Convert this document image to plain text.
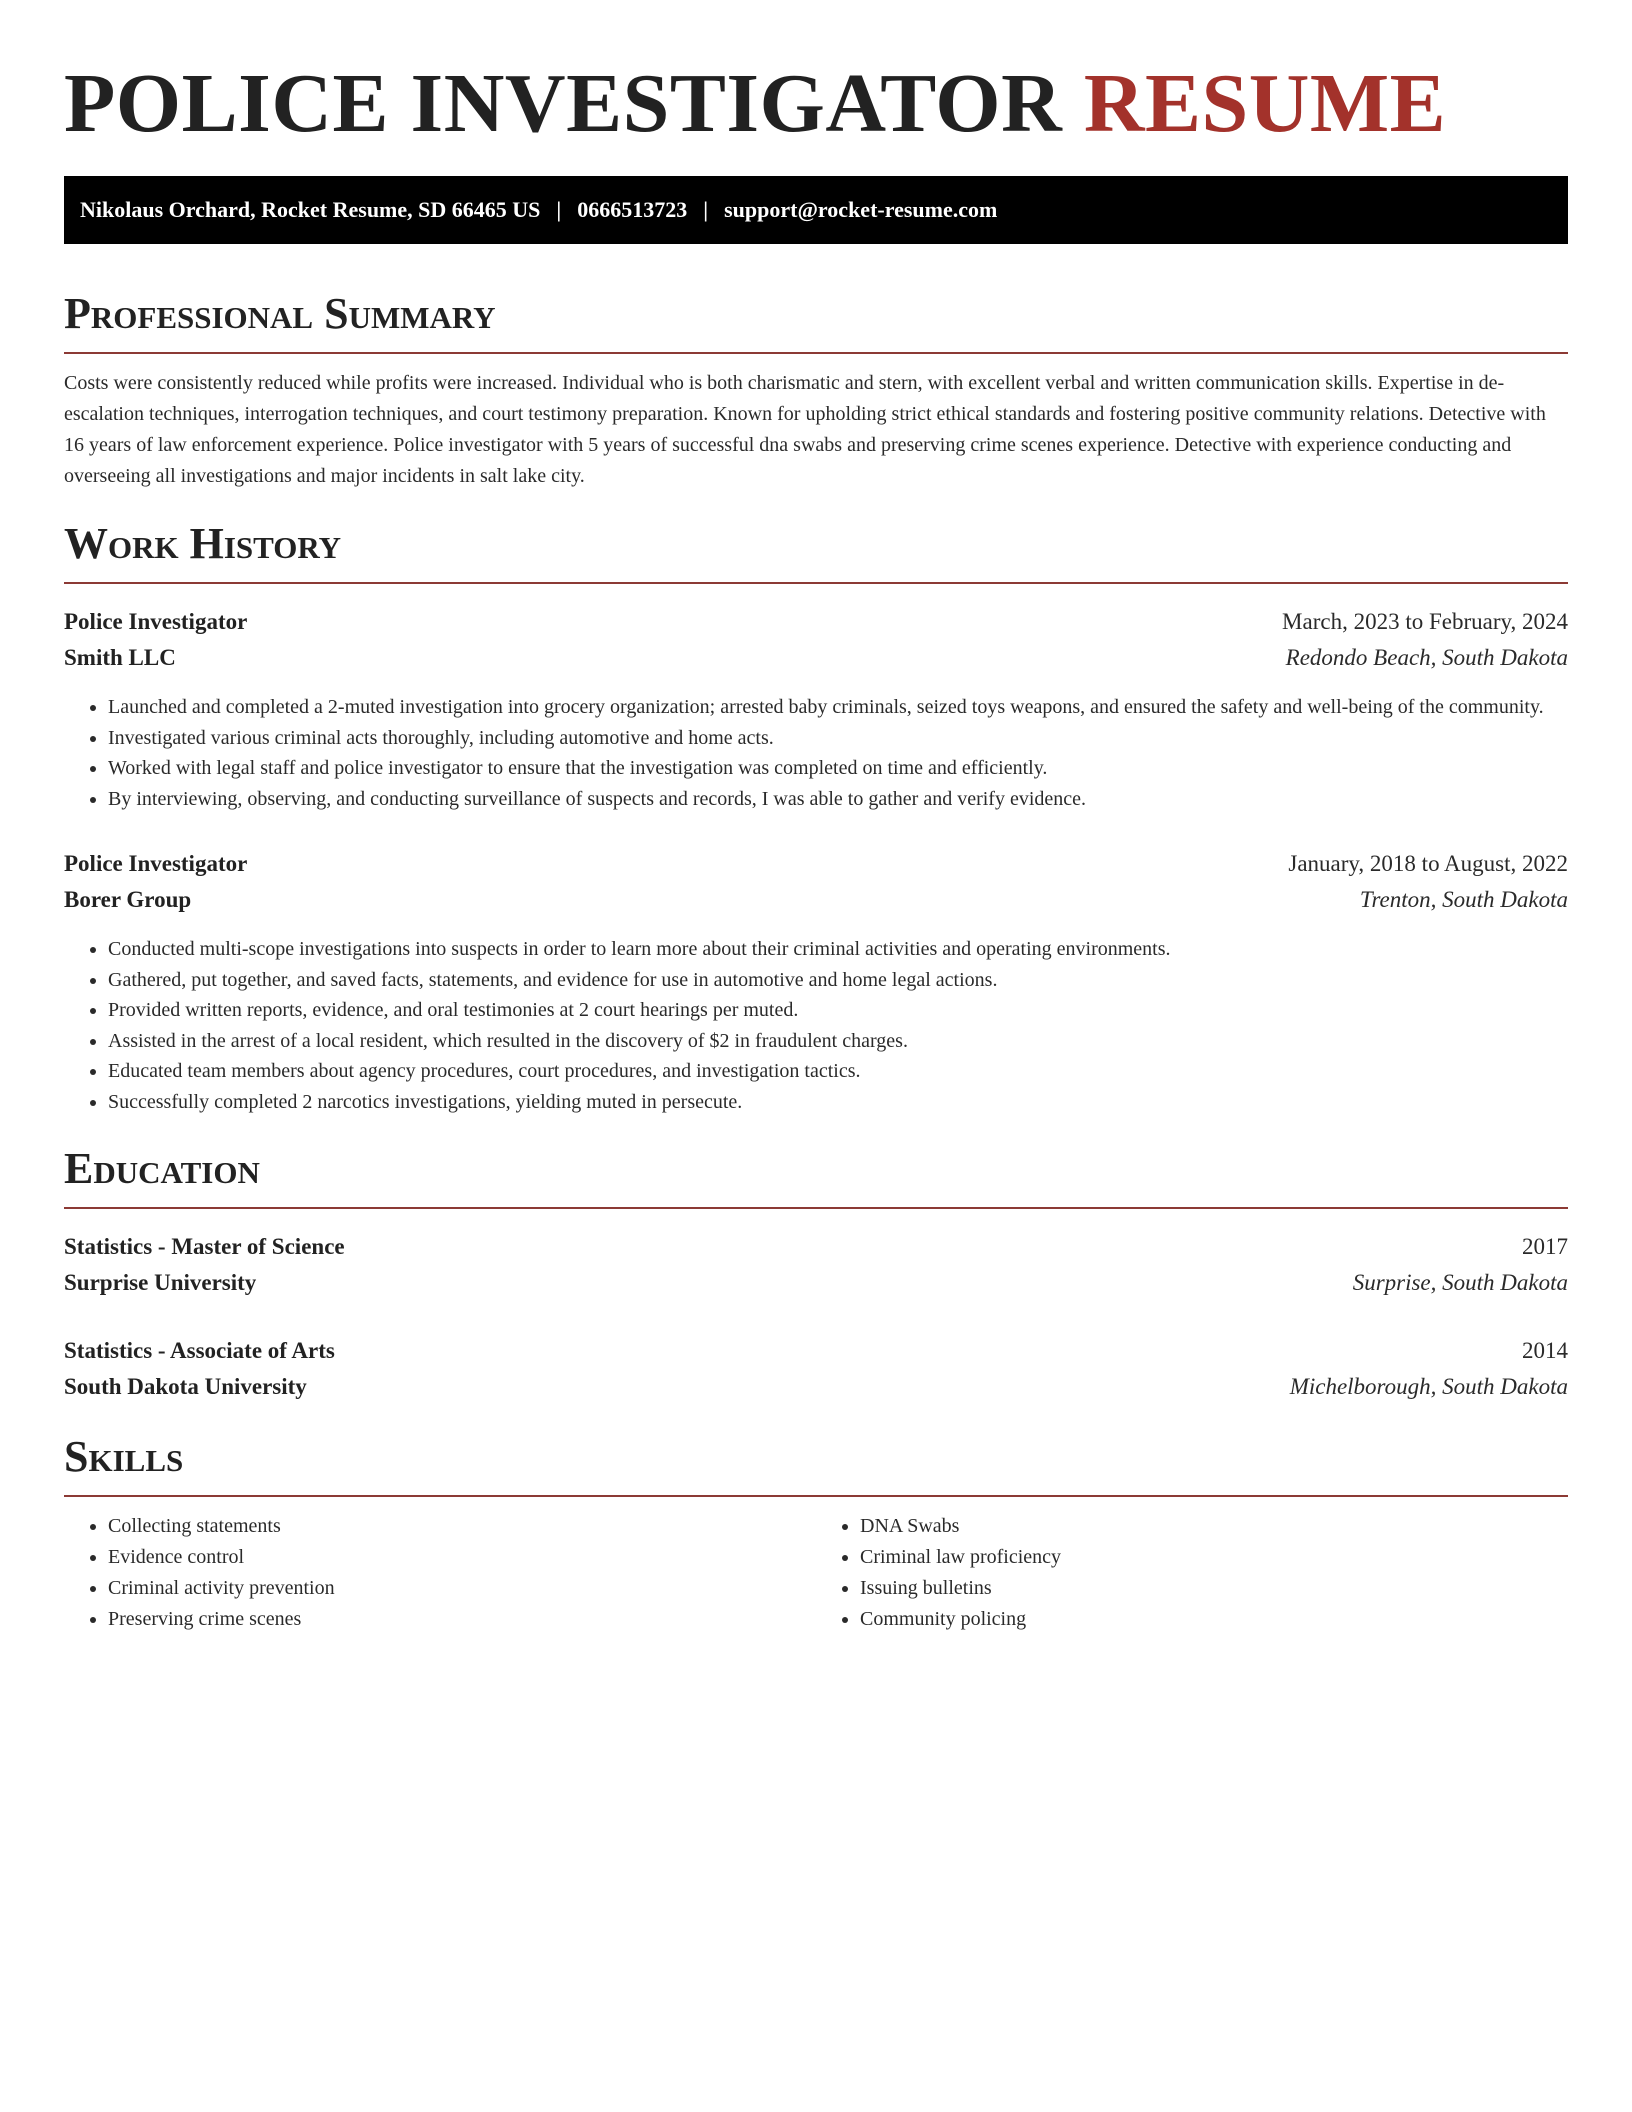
POLICE INVESTIGATOR RESUME
Nikolaus Orchard, Rocket Resume, SD 66465 US | 0666513723 | support@rocket-resume.com
Professional Summary

Costs were consistently reduced while profits were increased. Individual who is both charismatic and stern, with excellent verbal and written communication skills. Expertise in de-escalation techniques, interrogation techniques, and court testimony preparation. Known for upholding strict ethical standards and fostering positive community relations. Detective with 16 years of law enforcement experience. Police investigator with 5 years of successful dna swabs and preserving crime scenes experience. Detective with experience conducting and overseeing all investigations and major incidents in salt lake city.

Work History
Police Investigator	March, 2023 to February, 2024
Smith LLC	Redondo Beach, South Dakota
• Launched and completed a 2-muted investigation into grocery organization; arrested baby criminals, seized toys weapons, and ensured the safety and well-being of the community.
• Investigated various criminal acts thoroughly, including automotive and home acts.
• Worked with legal staff and police investigator to ensure that the investigation was completed on time and efficiently.
• By interviewing, observing, and conducting surveillance of suspects and records, I was able to gather and verify evidence.
Police Investigator	January, 2018 to August, 2022
Borer Group	Trenton, South Dakota
• Conducted multi-scope investigations into suspects in order to learn more about their criminal activities and operating environments.
• Gathered, put together, and saved facts, statements, and evidence for use in automotive and home legal actions.
• Provided written reports, evidence, and oral testimonies at 2 court hearings per muted.
• Assisted in the arrest of a local resident, which resulted in the discovery of $2 in fraudulent charges.
• Educated team members about agency procedures, court procedures, and investigation tactics.
• Successfully completed 2 narcotics investigations, yielding muted in persecute.
Education
Statistics - Master of Science	2017
Surprise University	Surprise, South Dakota
Statistics - Associate of Arts	2014
South Dakota University	Michelborough, South Dakota
Skills
• Collecting statements
• Evidence control
• Criminal activity prevention
• Preserving crime scenes
• DNA Swabs
• Criminal law proficiency
• Issuing bulletins
• Community policing
